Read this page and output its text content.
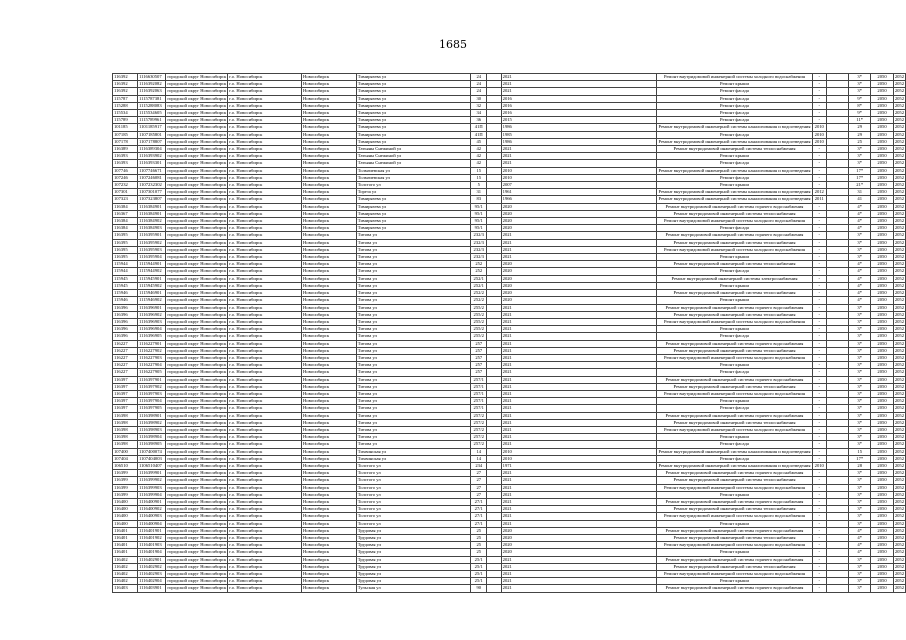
1685
116392	1116630507	городской округ Новосибирск	г.о. Новосибирск	Новосибирск	Тимирязева ул	24		2021	Ремонт внутридомовой инженерной системы холодного водоснабжения	-		3*	2050	2052
116392	1116392082	городской округ Новосибирск	г.о. Новосибирск	Новосибирск	Тимирязева ул	24		2021	Ремонт крыши	-		3*	2050	2052
116392	1116392063	городской округ Новосибирск	г.о. Новосибирск	Новосибирск	Тимирязева ул	24		2021	Ремонт фасада	-		3*	2050	2052
115787	1115787381	городской округ Новосибирск	г.о. Новосибирск	Новосибирск	Тимирязева ул	30		2016	Ремонт фасада	-		9*	2050	2052
115288	1115288083	городской округ Новосибирск	г.о. Новосибирск	Новосибирск	Тимирязева ул	32		2016	Ремонт фасада	-		8*	2050	2052
115534	1115534605	городской округ Новосибирск	г.о. Новосибирск	Новосибирск	Тимирязева ул	34		2016	Ремонт фасада	-		9*	2050	2052
115789	1115789961	городской округ Новосибирск	г.о. Новосибирск	Новосибирск	Тимирязева ул	36		2015	Ремонт фасада	-		11*	2050	2052
101185	1101185917	городской округ Новосибирск	г.о. Новосибирск	Новосибирск	Тимирязева ул	41П		1986	Ремонт внутридомовой инженерной системы канализования и водоотведения	2010		29	2050	2052
107185	1107185801	городской округ Новосибирск	г.о. Новосибирск	Новосибирск	Тимирязева ул	41П		1985	Ремонт фасада	2010		29	2050	2052
107178	1107178807	городской округ Новосибирск	г.о. Новосибирск	Новосибирск	Тимирязева ул	45		1986	Ремонт внутридомовой инженерной системы канализования и водоотведения	2010		25	2050	2052
116389	1116389304	городской округ Новосибирск	г.о. Новосибирск	Новосибирск	Татьяны Снежиной ул	42		2021	Ремонт внутридомовой инженерной системы теплоснабжения	-		3*	2050	2052
116393	1116393902	городской округ Новосибирск	г.о. Новосибирск	Новосибирск	Татьяны Снежиной ул	42		2021	Ремонт крыши	-		3*	2050	2052
116393	1116393301	городской округ Новосибирск	г.о. Новосибирск	Новосибирск	Татьяны Снежиной ул	42		2021	Ремонт фасада	-		3*	2050	2052
107746	1107746671	городской округ Новосибирск	г.о. Новосибирск	Новосибирск	Толмачевская ул	15		2010	Ремонт внутридомовой инженерной системы канализования и водоотведения	-		17*	2050	2052
107246	1107246081	городской округ Новосибирск	г.о. Новосибирск	Новосибирск	Толмачевская ул	15		2010	Ремонт фасада	-		17*	2050	2052
107232	1107232302	городской округ Новосибирск	г.о. Новосибирск	Новосибирск	Толстого ул	5		2007	Ремонт крыши	-		21*	2050	2052
107301	1107301077	городской округ Новосибирск	г.о. Новосибирск	Новосибирск	Тореза ул	31		1961	Ремонт внутридомовой инженерной системы канализования и водоотведения	2012		31	2050	2052
107323	1107323807	городской округ Новосибирск	г.о. Новосибирск	Новосибирск	Тимирязева ул	83		1966	Ремонт внутридомовой инженерной системы канализования и водоотведения	2011		41	2050	2052
116384	1116384901	городской округ Новосибирск	г.о. Новосибирск	Новосибирск	Тимирязева ул	95/1		2020	Ремонт внутридомовой инженерной системы горячего водоснабжения	-		4*	2050	2052
116367	1116384901	городской округ Новосибирск	г.о. Новосибирск	Новосибирск	Тимирязева ул	95/1		2020	Ремонт внутридомовой инженерной системы теплоснабжения	-		4*	2050	2052
116384	1116384902	городской округ Новосибирск	г.о. Новосибирск	Новосибирск	Тимирязева ул	95/1		2020	Ремонт внутридомовой инженерной системы холодного водоснабжения	-		4*	2050	2052
116384	1116384903	городской округ Новосибирск	г.о. Новосибирск	Новосибирск	Тимирязева ул	95/1		2020	Ремонт фасада	-		4*	2050	2052
116395	1116395901	городской округ Новосибирск	г.о. Новосибирск	Новосибирск	Титова ул	232/3		2021	Ремонт внутридомовой инженерной системы горячего водоснабжения	-		3*	2050	2052
116395	1116395902	городской округ Новосибирск	г.о. Новосибирск	Новосибирск	Титова ул	232/3		2021	Ремонт внутридомовой инженерной системы теплоснабжения	-		3*	2050	2052
116395	1116395903	городской округ Новосибирск	г.о. Новосибирск	Новосибирск	Титова ул	232/3		2021	Ремонт внутридомовой инженерной системы холодного водоснабжения	-		3*	2050	2052
116395	1116395904	городской округ Новосибирск	г.о. Новосибирск	Новосибирск	Титова ул	232/3		2021	Ремонт крыши	-		3*	2050	2052
115944	1115944901	городской округ Новосибирск	г.о. Новосибирск	Новосибирск	Титова ул	252		2020	Ремонт внутридомовой инженерной системы теплоснабжения	-		4*	2050	2052
115944	1115944902	городской округ Новосибирск	г.о. Новосибирск	Новосибирск	Титова ул	252		2020	Ремонт фасада	-		4*	2050	2052
115945	1115945901	городской округ Новосибирск	г.о. Новосибирск	Новосибирск	Титова ул	252/1		2020	Ремонт внутридомовой инженерной системы электроснабжения	-		4*	2050	2052
115945	1115945902	городской округ Новосибирск	г.о. Новосибирск	Новосибирск	Титова ул	252/1		2020	Ремонт крыши	-		4*	2050	2052
115946	1115946901	городской округ Новосибирск	г.о. Новосибирск	Новосибирск	Титова ул	252/2		2020	Ремонт внутридомовой инженерной системы теплоснабжения	-		4*	2050	2052
115946	1115946902	городской округ Новосибирск	г.о. Новосибирск	Новосибирск	Титова ул	252/2		2020	Ремонт крыши	-		4*	2050	2052
116396	1116396901	городской округ Новосибирск	г.о. Новосибирск	Новосибирск	Титова ул	255/2		2021	Ремонт внутридомовой инженерной системы горячего водоснабжения	-		3*	2050	2052
116396	1116396902	городской округ Новосибирск	г.о. Новосибирск	Новосибирск	Титова ул	255/2		2021	Ремонт внутридомовой инженерной системы теплоснабжения	-		3*	2050	2052
116396	1116396903	городской округ Новосибирск	г.о. Новосибирск	Новосибирск	Титова ул	255/2		2021	Ремонт внутридомовой инженерной системы холодного водоснабжения	-		3*	2050	2052
116396	1116396904	городской округ Новосибирск	г.о. Новосибирск	Новосибирск	Титова ул	255/2		2021	Ремонт крыши	-		3*	2050	2052
116396	1116396905	городской округ Новосибирск	г.о. Новосибирск	Новосибирск	Титова ул	255/2		2021	Ремонт фасада	-		3*	2050	2052
116227	1116227901	городской округ Новосибирск	г.о. Новосибирск	Новосибирск	Титова ул	257		2021	Ремонт внутридомовой инженерной системы горячего водоснабжения	-		3*	2050	2052
116227	1116227902	городской округ Новосибирск	г.о. Новосибирск	Новосибирск	Титова ул	257		2021	Ремонт внутридомовой инженерной системы теплоснабжения	-		3*	2050	2052
116227	1116227903	городской округ Новосибирск	г.о. Новосибирск	Новосибирск	Титова ул	257		2021	Ремонт внутридомовой инженерной системы холодного водоснабжения	-		3*	2050	2052
116227	1116227904	городской округ Новосибирск	г.о. Новосибирск	Новосибирск	Титова ул	257		2021	Ремонт крыши	-		3*	2050	2052
116227	1116227905	городской округ Новосибирск	г.о. Новосибирск	Новосибирск	Титова ул	257		2021	Ремонт фасада	-		3*	2050	2052
116397	1116397901	городской округ Новосибирск	г.о. Новосибирск	Новосибирск	Титова ул	257/1		2021	Ремонт внутридомовой инженерной системы горячего водоснабжения	-		3*	2050	2052
116397	1116397902	городской округ Новосибирск	г.о. Новосибирск	Новосибирск	Титова ул	257/1		2021	Ремонт внутридомовой инженерной системы теплоснабжения	-		3*	2050	2052
116397	1116397903	городской округ Новосибирск	г.о. Новосибирск	Новосибирск	Титова ул	257/1		2021	Ремонт внутридомовой инженерной системы холодного водоснабжения	-		3*	2050	2052
116397	1116397904	городской округ Новосибирск	г.о. Новосибирск	Новосибирск	Титова ул	257/1		2021	Ремонт крыши	-		3*	2050	2052
116397	1116397905	городской округ Новосибирск	г.о. Новосибирск	Новосибирск	Титова ул	257/1		2021	Ремонт фасада	-		3*	2050	2052
116398	1116398901	городской округ Новосибирск	г.о. Новосибирск	Новосибирск	Титова ул	257/2		2021	Ремонт внутридомовой инженерной системы горячего водоснабжения	-		3*	2050	2052
116398	1116398902	городской округ Новосибирск	г.о. Новосибирск	Новосибирск	Титова ул	257/2		2021	Ремонт внутридомовой инженерной системы теплоснабжения	-		3*	2050	2052
116398	1116398903	городской округ Новосибирск	г.о. Новосибирск	Новосибирск	Титова ул	257/2		2021	Ремонт внутридомовой инженерной системы холодного водоснабжения	-		3*	2050	2052
116398	1116398904	городской округ Новосибирск	г.о. Новосибирск	Новосибирск	Титова ул	257/2		2021	Ремонт крыши	-		3*	2050	2052
116398	1116398905	городской округ Новосибирск	г.о. Новосибирск	Новосибирск	Титова ул	257/2		2021	Ремонт фасада	-		3*	2050	2052
107400	1107400074	городской округ Новосибирск	г.о. Новосибирск	Новосибирск	Тихвинская ул	14		2010	Ремонт внутридомовой инженерной системы канализования и водоотведения	-		15	2050	2052
107404	1107404003	городской округ Новосибирск	г.о. Новосибирск	Новосибирск	Тихвинская ул	14		2010	Ремонт фасада	-		17*	2050	2052
106510	1106510407	городской округ Новосибирск	г.о. Новосибирск	Новосибирск	Толстого ул	234		1971	Ремонт внутридомовой инженерной системы канализования и водоотведения	2010		28	2050	2052
116399	1116399901	городской округ Новосибирск	г.о. Новосибирск	Новосибирск	Толстого ул	27		2021	Ремонт внутридомовой инженерной системы горячего водоснабжения	-		3*	2050	2052
116399	1116399902	городской округ Новосибирск	г.о. Новосибирск	Новосибирск	Толстого ул	27		2021	Ремонт внутридомовой инженерной системы теплоснабжения	-		3*	2050	2052
116399	1116399903	городской округ Новосибирск	г.о. Новосибирск	Новосибирск	Толстого ул	27		2021	Ремонт внутридомовой инженерной системы холодного водоснабжения	-		3*	2050	2052
116399	1116399904	городской округ Новосибирск	г.о. Новосибирск	Новосибирск	Толстого ул	27		2021	Ремонт крыши	-		3*	2050	2052
116400	1116400901	городской округ Новосибирск	г.о. Новосибирск	Новосибирск	Толстого ул	27/1		2021	Ремонт внутридомовой инженерной системы горячего водоснабжения	-		3*	2050	2052
116400	1116400902	городской округ Новосибирск	г.о. Новосибирск	Новосибирск	Толстого ул	27/1		2021	Ремонт внутридомовой инженерной системы теплоснабжения	-		3*	2050	2052
116400	1116400903	городской округ Новосибирск	г.о. Новосибирск	Новосибирск	Толстого ул	27/1		2021	Ремонт внутридомовой инженерной системы холодного водоснабжения	-		3*	2050	2052
116400	1116400904	городской округ Новосибирск	г.о. Новосибирск	Новосибирск	Толстого ул	27/1		2021	Ремонт крыши	-		3*	2050	2052
116401	1116401901	городской округ Новосибирск	г.о. Новосибирск	Новосибирск	Трудовая ул	25		2020	Ремонт внутридомовой инженерной системы горячего водоснабжения	-		4*	2050	2052
116401	1116401902	городской округ Новосибирск	г.о. Новосибирск	Новосибирск	Трудовая ул	25		2020	Ремонт внутридомовой инженерной системы теплоснабжения	-		4*	2050	2052
116401	1116401903	городской округ Новосибирск	г.о. Новосибирск	Новосибирск	Трудовая ул	25		2020	Ремонт внутридомовой инженерной системы холодного водоснабжения	-		4*	2050	2052
116401	1116401904	городской округ Новосибирск	г.о. Новосибирск	Новосибирск	Трудовая ул	25		2020	Ремонт крыши	-		4*	2050	2052
116402	1116402901	городской округ Новосибирск	г.о. Новосибирск	Новосибирск	Трудовая ул	25/1		2021	Ремонт внутридомовой инженерной системы горячего водоснабжения	-		3*	2050	2052
116402	1116402902	городской округ Новосибирск	г.о. Новосибирск	Новосибирск	Трудовая ул	25/1		2021	Ремонт внутридомовой инженерной системы теплоснабжения	-		3*	2050	2052
116402	1116402903	городской округ Новосибирск	г.о. Новосибирск	Новосибирск	Трудовая ул	25/1		2021	Ремонт внутридомовой инженерной системы холодного водоснабжения	-		3*	2050	2052
116402	1116402904	городской округ Новосибирск	г.о. Новосибирск	Новосибирск	Трудовая ул	25/1		2021	Ремонт крыши	-		3*	2050	2052
116403	1116403901	городской округ Новосибирск	г.о. Новосибирск	Новосибирск	Тульская ул	90		2021	Ремонт внутридомовой инженерной системы горячего водоснабжения	-		3*	2050	2052
